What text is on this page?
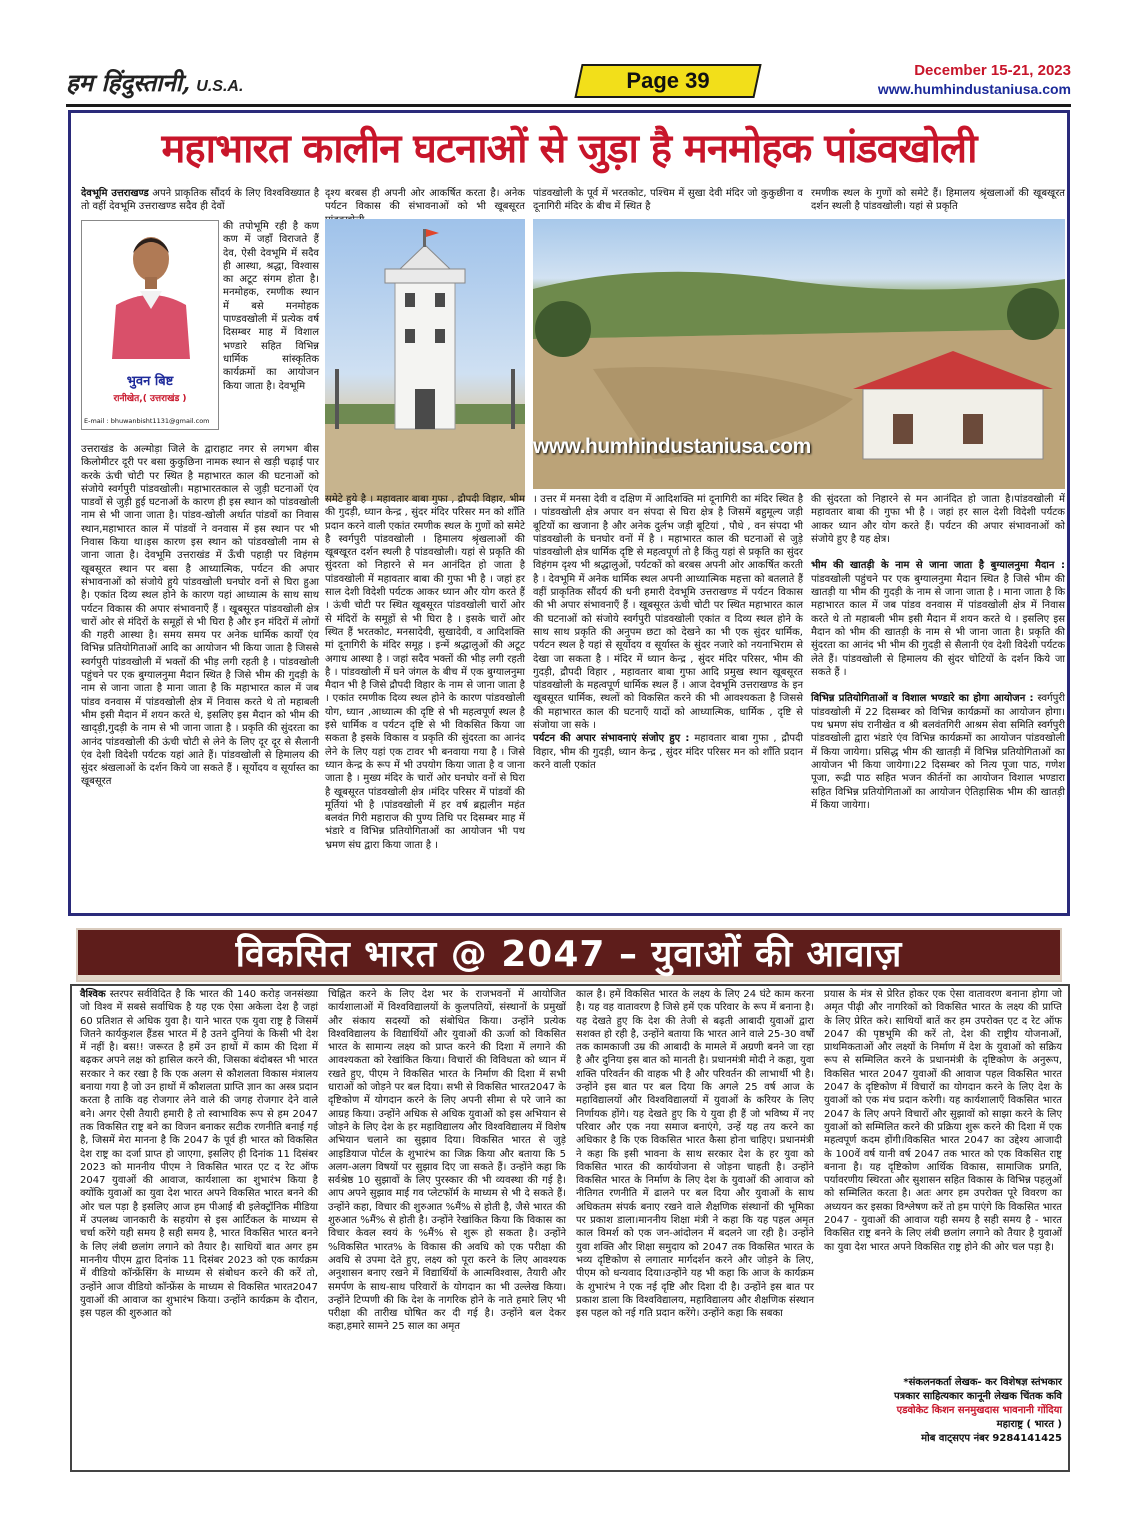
हम हिंदुस्तानी, U.S.A.	Page 39	December 15-21, 2023
www.humhindustaniusa.com
महाभारत कालीन घटनाओं से जुड़ा है मनमोहक पांडवखोली
देवभूमि उत्तराखण्ड अपने प्राकृतिक सौंदर्य के लिए विश्वविख्यात है तो वहीं देवभूमि उत्तराखण्ड सदैव ही देवों
भुवन बिष्ट
रानीखेत,( उत्तराखंड )
E-mail : bhuwanbisht1131@gmail.com
की तपोभूमि रही है कण कण में जहाँ विराजते हैं देव, ऐसी देवभूमि में सदैव ही आस्था, श्रद्धा, विश्वास का अटूट संगम होता है। मनमोहक, रमणीक स्थान में बसे मनमोहक पाण्डवखोली में प्रत्येक वर्ष दिसम्बर माह में विशाल भण्डारे सहित विभिन्न धार्मिक सांस्कृतिक कार्यक्रमों का आयोजन किया जाता है। देवभूमि
उत्तराखंड के अल्मोड़ा जिले के द्वाराहाट नगर से लगभग बीस किलोमीटर दूरी पर बसा कुकुछिना नामक स्थान से खड़ी चढ़ाई पार करके ऊंची चोटी पर स्थित है महाभारत काल की घटनाओं को संजोये स्वर्गपुरी पांडवखोली। महाभारतकाल से जुड़ी घटनाओं एंव पाडवों से जुड़ी हुई घटनाओं के कारण ही इस स्थान को पांडवखोली नाम से भी जाना जाता है। पांडव-खोली अर्थात पांडवों का निवास स्थान,महाभारत काल में पांडवों ने वनवास में इस स्थान पर भी निवास किया था।इस कारण इस स्थान को पांडवखोली नाम से जाना जाता है। देवभूमि उत्तराखंड में ऊँची पहाड़ी पर विहंगम खूबसूरत स्थान पर बसा है आध्यात्मिक, पर्यटन की अपार संभावनाओं को संजोये हुये पांडवखोली घनघोर वनों से घिरा हुआ है। एकांत दिव्य स्थल होने के कारण यहां आध्यात्म के साथ साथ पर्यटन विकास की अपार संभावनाएँ हैं । खूबसूरत पांडवखोली क्षेत्र चारों ओर से मंदिरों के समूहों से भी घिरा है और इन मंदिरों में लोगों की गहरी आस्था है। समय समय पर अनेक धार्मिक कार्यों एंव विभिन्न प्रतियोगिताओं आदि का आयोजन भी किया जाता है जिससे स्वर्गपुरी पांडवखोली में भक्तों की भीड़ लगी रहती है । पांडवखोली पहुंचने पर एक बुग्यालनुमा मैदान स्थित है जिसे भीम की गुदड़ी के नाम से जाना जाता है माना जाता है कि महाभारत काल में जब पांडव वनवास में पांडवखोली क्षेत्र में निवास करते थे तो महाबली भीम इसी मैदान में शयन करते थे, इसलिए इस मैदान को भीम की खाद्ड़ी,गुदड़ी के नाम से भी जाना जाता है । प्रकृति की सुंदरता का आनंद पांडवखोली की ऊंची चोटी से लेने के लिए दूर दूर से सैलानी एंव देशी विदेशी पर्यटक यहां आते हैं। पांडवखोली से हिमालय की सुंदर श्रंखलाओं के दर्शन किये जा सकते हैं । सूर्योदय व सूर्यास्त का खूबसूरत
दृश्य बरबस ही अपनी ओर आकर्षित करता है। अनेक पर्यटन विकास की संभावनाओं को भी खूबसूरत
पांडवखोली के पूर्व में भरतकोट, पश्चिम में सुखा देवी मंदिर जो कुकुछीना व दूनागिरी मंदिर के बीच में स्थित है
रमणीक स्थल के गुणों को समेटे हैं। हिमालय श्रृंखलाओं की खूबखूरत दर्शन स्थली है पांडवखोली। यहां से प्रकृति
www.humhindustaniusa.com
समेटे हुये है । महावतार बाबा गुफा , द्रौपदी विहार, भीम की गुदड़ी, ध्यान केन्द्र , सुंदर मंदिर परिसर मन को शाँति प्रदान करने वाली एकांत रमणीक स्थल के गुणों को समेटे है स्वर्गपुरी पांडवखोली । हिमालय श्रृंखलाओं की खूबखूरत दर्शन स्थली है पांडवखोली। यहां से प्रकृति की सुंदरता को निहारने से मन आनंदित हो जाता है पांडवखोली में महावतार बाबा की गुफा भी है । जहां हर साल देशी विदेशी पर्यटक आकर ध्यान और योग करते हैं । ऊंची चोटी पर स्थित खूबसूरत पांडवखोली चारों ओर से मंदिरों के समूहों से भी घिरा है । इसके चारों ओर स्थित हैं भरतकोट, मनसादेवी, सुखादेवी, व आदिशक्ति मां दूनागिरी के मंदिर समूह । इन्में श्रद्धालुओं की अटूट अगाध आस्था है । जहां सदैव भक्तों की भीड़ लगी रहती है । पांडवखोली में घने जंगल के बीच में एक बुग्यालनुमा मैदान भी है जिसे द्रौपदी विहार के नाम से जाना जाता है । एकांत रमणीक दिव्य स्थल होने के कारण पांडवखोली योग, ध्यान ,आध्यात्म की दृष्टि से भी महत्वपूर्ण स्थल है इसे धार्मिक व पर्यटन दृष्टि से भी विकसित किया जा सकता है इसके विकास व प्रकृति की सुंदरता का आनंद लेने के लिए यहां एक टावर भी बनवाया गया है । जिसे ध्यान केन्द्र के रूप में भी उपयोग किया जाता है व जाना जाता है । मुख्य मंदिर के चारों ओर घनघोर वनों से घिरा है खूबसूरत पांडवखोली क्षेत्र ।मंदिर परिसर में पांडवों की मूर्तियां भी है ।पांडवखोली में हर वर्ष ब्रह्मलीन महंत बलवंत गिरी महाराज की पुण्य तिथि पर दिसम्बर माह में भंडारे व विभिन्न प्रतियोगिताओं का आयोजन भी पथ भ्रमण संघ द्वारा किया जाता है ।
। उत्तर में मनसा देवी व दक्षिण में आदिशक्ति मां दूनागिरी का मंदिर स्थित है । पांडवखोली क्षेत्र अपार वन संपदा से घिरा क्षेत्र है जिसमें बहुमूल्य जड़ी बूटियों का खजाना है और अनेक दुर्लभ जड़ी बूटियां , पौधे , वन संपदा भी पांडवखोली के घनघोर वनों में है । महाभारत काल की घटनाओं से जुड़े पांडवखोली क्षेत्र धार्मिक दृष्टि से महत्वपूर्ण तो है किंतु यहां से प्रकृति का सुंदर विहंगम दृश्य भी श्रद्धालुओं, पर्यटकों को बरबस अपनी ओर आकर्षित करती है । देवभूमि में अनेक धार्मिक स्थल अपनी आध्यात्मिक महत्ता को बतलाते हैं वहीं प्राकृतिक सौंदर्य की धनी हमारी देवभूमि उत्तराखण्ड में पर्यटन विकास की भी अपार संभावनाएँ हैं । खूबसूरत ऊंची चोटी पर स्थित महाभारत काल की घटनाओं को संजोये स्वर्गपुरी पांडवखोली एकांत व दिव्य स्थल होने के साथ साथ प्रकृति की अनुपम छटा को देखने का भी एक सुंदर धार्मिक, पर्यटन स्थल है यहां से सूर्योदय व सूर्यास्त के सुंदर नजारे को नयनाभिराम से देखा जा सकता है । मंदिर में ध्यान केन्द्र , सुंदर मंदिर परिसर, भीम की गुदड़ी, द्रौपदी विहार , महावतार बाबा गुफा आदि प्रमुख स्थान खूबसूरत पांडवखोली के महत्वपूर्ण धार्मिक स्थल हैं । आज देवभूमि उत्तराखण्ड के इन खूबसूरत धार्मिक, स्थलों को विकसित करने की भी आवश्यकता है जिससे की महाभारत काल की घटनाएँ यादों को आध्यात्मिक, धार्मिक , दृष्टि से संजोया जा सके ।
पर्यटन की अपार संभावनाएं संजोए हुए : महावतार बाबा गुफा , द्रौपदी विहार, भीम की गुदड़ी, ध्यान केन्द्र , सुंदर मंदिर परिसर मन को शाँति प्रदान करने वाली एकांत
की सुंदरता को निहारने से मन आनंदित हो जाता है।पांडवखोली में महावतार बाबा की गुफा भी है । जहां हर साल देशी विदेशी पर्यटक आकर ध्यान और योग करते हैं। पर्यटन की अपार संभावनाओं को संजोये हुए है यह क्षेत्र।

भीम की खातड़ी के नाम से जाना जाता है बुग्यालनुमा मैदान : पांडवखोली पहुंचने पर एक बुग्यालनुमा मैदान स्थित है जिसे भीम की खातड़ी या भीम की गुदड़ी के नाम से जाना जाता है । माना जाता है कि महाभारत काल में जब पांडव वनवास में पांडवखोली क्षेत्र में निवास करते थे तो महाबली भीम इसी मैदान में शयन करते थे । इसलिए इस मैदान को भीम की खातड़ी के नाम से भी जाना जाता है। प्रकृति की सुंदरता का आनंद भी भीम की गुदड़ी से सैलानी एंव देशी विदेशी पर्यटक लेते हैं। पांडवखोली से हिमालय की सुंदर चोटियों के दर्शन किये जा सकते हैं ।

विभिन्न प्रतियोगिताओं व विशाल भण्डारे का होगा आयोजन : स्वर्गपुरी पांडवखोली में 22 दिसम्बर को विभिन्न कार्यक्रमों का आयोजन होगा।पथ भ्रमण संघ रानीखेत व श्री बलवंतगिरी आश्रम सेवा समिति स्वर्गपुरी पांडवखोली द्वारा भंडारे एंव विभिन्न कार्यक्रमों का आयोजन पांडवखोली में किया जायेगा। प्रसिद्ध भीम की खातड़ी में विभिन्न प्रतियोगिताओं का आयोजन भी किया जायेगा।22 दिसम्बर को नित्य पूजा पाठ, गणेश पूजा, रूद्री पाठ सहित भजन कीर्तनों का आयोजन विशाल भण्डारा सहित विभिन्न प्रतियोगिताओं का आयोजन ऐतिहासिक भीम की खातड़ी में किया जायेगा।
विकसित भारत @ 2047 – युवाओं की आवाज़
वैश्विक स्तरपर सर्वविदित है कि भारत की 140 करोड़ जनसंख्या जो विश्व में सबसे सर्वाधिक है यह एक ऐसा अकेला देश है जहां 60 प्रतिशत से अधिक युवा है। याने भारत एक युवा राष्ट्र है जिसमें जितने कार्यकुशल हैंडस भारत में है उतने दुनियां के किसी भी देश में नहीं है। बस!! जरूरत है हमें उन हाथों में काम की दिशा में बढ़कर अपने लक्ष को हासिल करने की, जिसका बंदोबस्त भी भारत सरकार ने कर रखा है कि एक अलग से कौशलता विकास मंत्रालय बनाया गया है जो उन हाथों में कौशलता प्राप्ति ज्ञान का अस्त्र प्रदान करता है ताकि वह रोजगार लेने वाले की जगह रोजगार देने वाले बने। अगर ऐसी तैयारी हमारी है तो स्वाभाविक रूप से हम 2047 तक विकसित राष्ट्र बने का विजन बनाकर सटीक रणनीति बनाई गई है, जिसमें मेरा मानना है कि 2047 के पूर्व ही भारत को विकसित देश राष्ट्र का दर्जा प्राप्त हो जाएगा, इसलिए ही दिनांक 11 दिसंबर 2023 को माननीय पीएम ने विकसित भारत एट द रेट ऑफ 2047 युवाओं की आवाज, कार्यशाला का शुभारंभ किया है क्योंकि युवाओं का युवा देश भारत अपने विकसित भारत बनने की ओर चल पड़ा है इसलिए आज हम पीआई बी इलेक्ट्रॉनिक मीडिया में उपलब्ध जानकारी के सहयोग से इस आर्टिकल के माध्यम से चर्चा करेंगे यही समय है सही समय है, भारत विकसित भारत बनने के लिए लंबी छलांग लगाने को तैयार है। साथियों बात अगर हम माननीय पीएम द्वारा दिनांक 11 दिसंबर 2023 को एक कार्यक्रम में वीडियो कॉन्फ्रेंसिंग के माध्यम से संबोधन करने की करें तो, उन्होंने आज वीडियो कॉन्फ्रेंस के माध्यम से विकसित भारत2047 युवाओं की आवाज का शुभारंभ किया। उन्होंने कार्यक्रम के दौरान, इस पहल की शुरुआत को
चिह्नित करने के लिए देश भर के राजभवनों में आयोजित कार्यशालाओं में विश्वविद्यालयों के कुलपतियों, संस्थानों के प्रमुखों और संकाय सदस्यों को संबोधित किया। उन्होंने प्रत्येक विश्वविद्यालय के विद्यार्थियों और युवाओं की ऊर्जा को विकसित भारत के सामान्य लक्ष्य को प्राप्त करने की दिशा में लगाने की आवश्यकता को रेखांकित किया। विचारों की विविधता को ध्यान में रखते हुए, पीएम ने विकसित भारत के निर्माण की दिशा में सभी धाराओं को जोड़ने पर बल दिया। सभी से विकसित भारत2047 के दृष्टिकोण में योगदान करने के लिए अपनी सीमा से परे जाने का आग्रह किया। उन्होंने अधिक से अधिक युवाओं को इस अभियान से जोड़ने के लिए देश के हर महाविद्यालय और विश्वविद्यालय में विशेष अभियान चलाने का सुझाव दिया। विकसित भारत से जुड़े आइडियाज पोर्टल के शुभारंभ का जिक्र किया और बताया कि 5 अलग-अलग विषयों पर सुझाव दिए जा सकते हैं। उन्होंने कहा कि सर्वश्रेष्ठ 10 सुझावों के लिए पुरस्कार की भी व्यवस्था की गई है। आप अपने सुझाव माई गव प्लेटफॉर्म के माध्यम से भी दे सकते हैं। उन्होंने कहा, विचार की शुरुआत %मैं% से होती है, जैसे भारत की शुरुआत %मैं% से होती है। उन्होंने रेखांकित किया कि विकास का विचार केवल स्वयं के %मैं% से शुरू हो सकता है। उन्होंने %विकसित भारत% के विकास की अवधि को एक परीक्षा की अवधि से उपमा देते हुए, लक्ष्य को पूरा करने के लिए आवश्यक अनुशासन बनाए रखने में विद्यार्थियों के आत्मविश्वास, तैयारी और समर्पण के साथ-साथ परिवारों के योगदान का भी उल्लेख किया। उन्होंने टिप्पणी की कि देश के नागरिक होने के नाते हमारे लिए भी परीक्षा की तारीख घोषित कर दी गई है। उन्होंने बल देकर कहा,हमारे सामने 25 साल का अमृत
काल है। हमें विकसित भारत के लक्ष्य के लिए 24 घंटे काम करना है। यह वह वातावरण है जिसे हमें एक परिवार के रूप में बनाना है। यह देखते हुए कि देश की तेजी से बढ़ती आबादी युवाओं द्वारा सशक्त हो रही है, उन्होंने बताया कि भारत आने वाले 25-30 वर्षों तक कामकाजी उम्र की आबादी के मामले में अग्रणी बनने जा रहा है और दुनिया इस बात को मानती है। प्रधानमंत्री मोदी ने कहा, युवा शक्ति परिवर्तन की वाहक भी है और परिवर्तन की लाभार्थी भी है। उन्होंने इस बात पर बल दिया कि अगले 25 वर्ष आज के महाविद्यालयों और विश्वविद्यालयों में युवाओं के करियर के लिए निर्णायक होंगे। यह देखते हुए कि ये युवा ही हैं जो भविष्य में नए परिवार और एक नया समाज बनाएंगे, उन्हें यह तय करने का अधिकार है कि एक विकसित भारत कैसा होना चाहिए। प्रधानमंत्री ने कहा कि इसी भावना के साथ सरकार देश के हर युवा को विकसित भारत की कार्ययोजना से जोड़ना चाहती है। उन्होंने विकसित भारत के निर्माण के लिए देश के युवाओं की आवाज को नीतिगत रणनीति में ढालने पर बल दिया और युवाओं के साथ अधिकतम संपर्क बनाए रखने वाले शैक्षणिक संस्थानों की भूमिका पर प्रकाश डाला।माननीय शिक्षा मंत्री ने कहा कि यह पहल अमृत काल विमर्श को एक जन-आंदोलन में बदलने जा रही है। उन्होंने युवा शक्ति और शिक्षा समुदाय को 2047 तक विकसित भारत के भव्य दृष्टिकोण से लगातार मार्गदर्शन करने और जोड़ने के लिए, पीएम को धन्यवाद दिया।उन्होंने यह भी कहा कि आज के कार्यक्रम के शुभारंभ ने एक नई दृष्टि और दिशा दी है। उन्होंने इस बात पर प्रकाश डाला कि विश्वविद्यालय, महाविद्यालय और शैक्षणिक संस्थान इस पहल को नई गति प्रदान करेंगे। उन्होंने कहा कि सबका
प्रयास के मंत्र से प्रेरित होकर एक ऐसा वातावरण बनाना होगा जो अमृत पीढ़ी और नागरिकों को विकसित भारत के लक्ष्य की प्राप्ति के लिए प्रेरित करे। साथियों बातें कर हम उपरोक्त एट द रेट ऑफ 2047 की पृष्ठभूमि की करें तो, देश की राष्ट्रीय योजनाओं, प्राथमिकताओं और लक्ष्यों के निर्माण में देश के युवाओं को सक्रिय रूप से सम्मिलित करने के प्रधानमंत्री के दृष्टिकोण के अनुरूप, विकसित भारत 2047 युवाओं की आवाज पहल विकसित भारत 2047 के दृष्टिकोण में विचारों का योगदान करने के लिए देश के युवाओं को एक मंच प्रदान करेगी। यह कार्यशालाएँ विकसित भारत 2047 के लिए अपने विचारों और सुझावों को साझा करने के लिए युवाओं को सम्मिलित करने की प्रक्रिया शुरू करने की दिशा में एक महत्वपूर्ण कदम होंगी।विकसित भारत 2047 का उद्देश्य आजादी के 100वें वर्ष यानी वर्ष 2047 तक भारत को एक विकसित राष्ट्र बनाना है। यह दृष्टिकोण आर्थिक विकास, सामाजिक प्रगति, पर्यावरणीय स्थिरता और सुशासन सहित विकास के विभिन्न पहलुओं को सम्मिलित करता है। अतः अगर हम उपरोक्त पूरे विवरण का अध्ययन कर इसका विश्लेषण करें तो हम पाएंगे कि विकसित भारत 2047 - युवाओं की आवाज यही समय है सही समय है - भारत विकसित राष्ट्र बनने के लिए लंबी छलांग लगाने को तैयार है युवाओं का युवा देश भारत अपने विकसित राष्ट्र होने की ओर चल पड़ा है।
*संकलनकर्ता लेखक- कर विशेषज्ञ स्तंभकार
पत्रकार साहित्यकार कानूनी लेखक चिंतक कवि
एडवोकेट किशन सनमुखदास भावनानी गोंदिया
महाराष्ट्र ( भारत )
मोब वाट्सएप नंबर 9284141425
